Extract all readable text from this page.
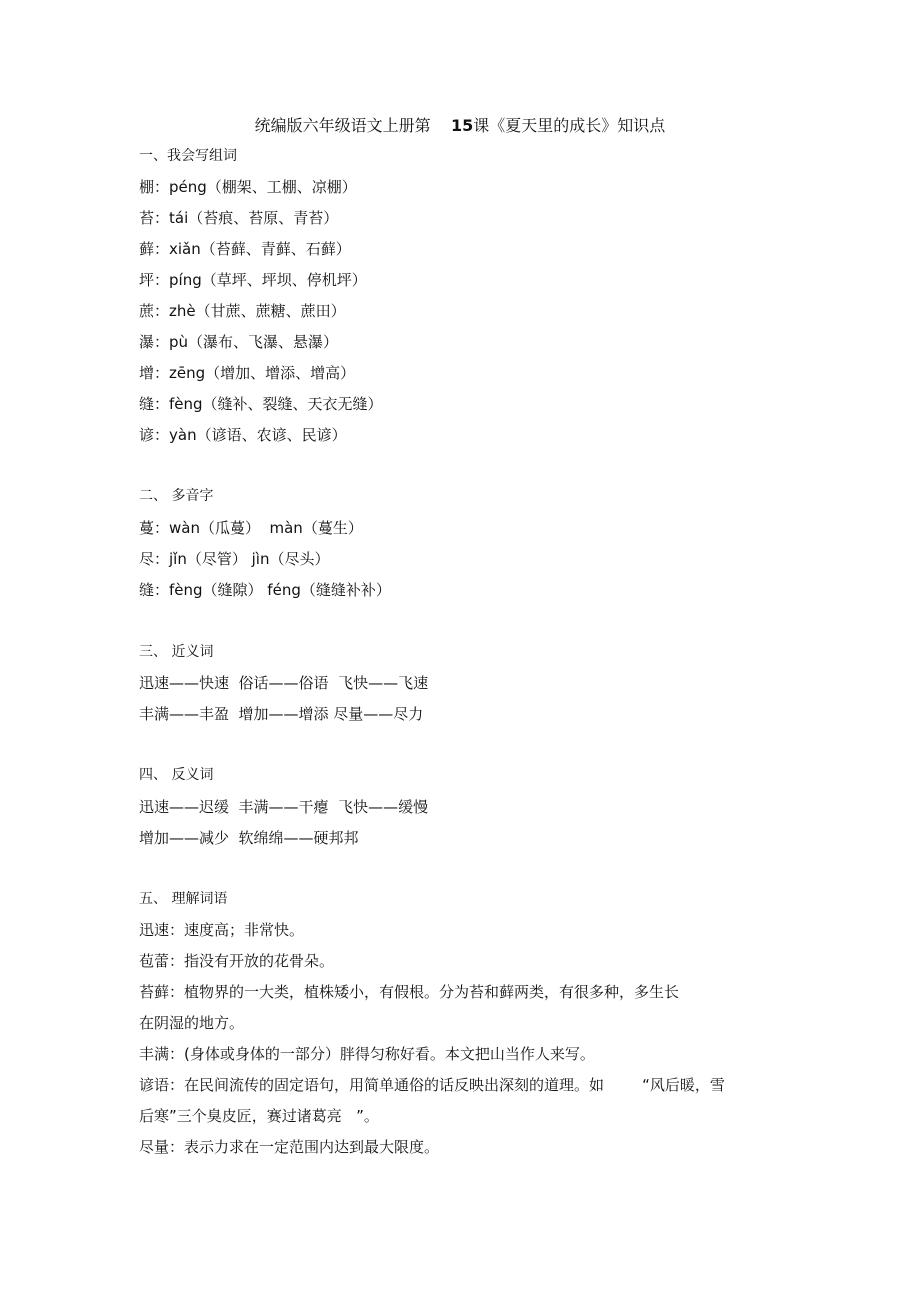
统编版六年级语文上册第 15课《夏天里的成长》知识点
一、我会写组词
棚：péng（棚架、工棚、凉棚）
苔：tái（苔痕、苔原、青苔）
藓：xiǎn（苔藓、青藓、石藓）
坪：píng（草坪、坪坝、停机坪）
蔗：zhè（甘蔗、蔗糖、蔗田）
瀑：pù（瀑布、飞瀑、悬瀑）
增：zēng（增加、增添、增高）
缝：fèng（缝补、裂缝、天衣无缝）
谚：yàn（谚语、农谚、民谚）
二、 多音字
蔓：wàn（瓜蔓）  màn（蔓生）
尽：jǐn（尽管） jìn（尽头）
缝：fèng（缝隙） féng（缝缝补补）
三、 近义词
迅速——快速  俗话——俗语  飞快——飞速
丰满——丰盈  增加——增添 尽量——尽力
四、 反义词
迅速——迟缓  丰满——干瘪  飞快——缓慢
增加——减少  软绵绵——硬邦邦
五、 理解词语
迅速：速度高；非常快。
苞蕾：指没有开放的花骨朵。
苔藓：植物界的一大类，植株矮小，有假根。分为苔和藓两类，有很多种，多生长
在阴湿的地方。
丰满：(身体或身体的一部分）胖得匀称好看。本文把山当作人来写。
谚语：在民间流传的固定语句，用简单通俗的话反映出深刻的道理。如        “风后暖，雪
后寒”三个臭皮匠，赛过诸葛亮   ”。
尽量：表示力求在一定范围内达到最大限度。
